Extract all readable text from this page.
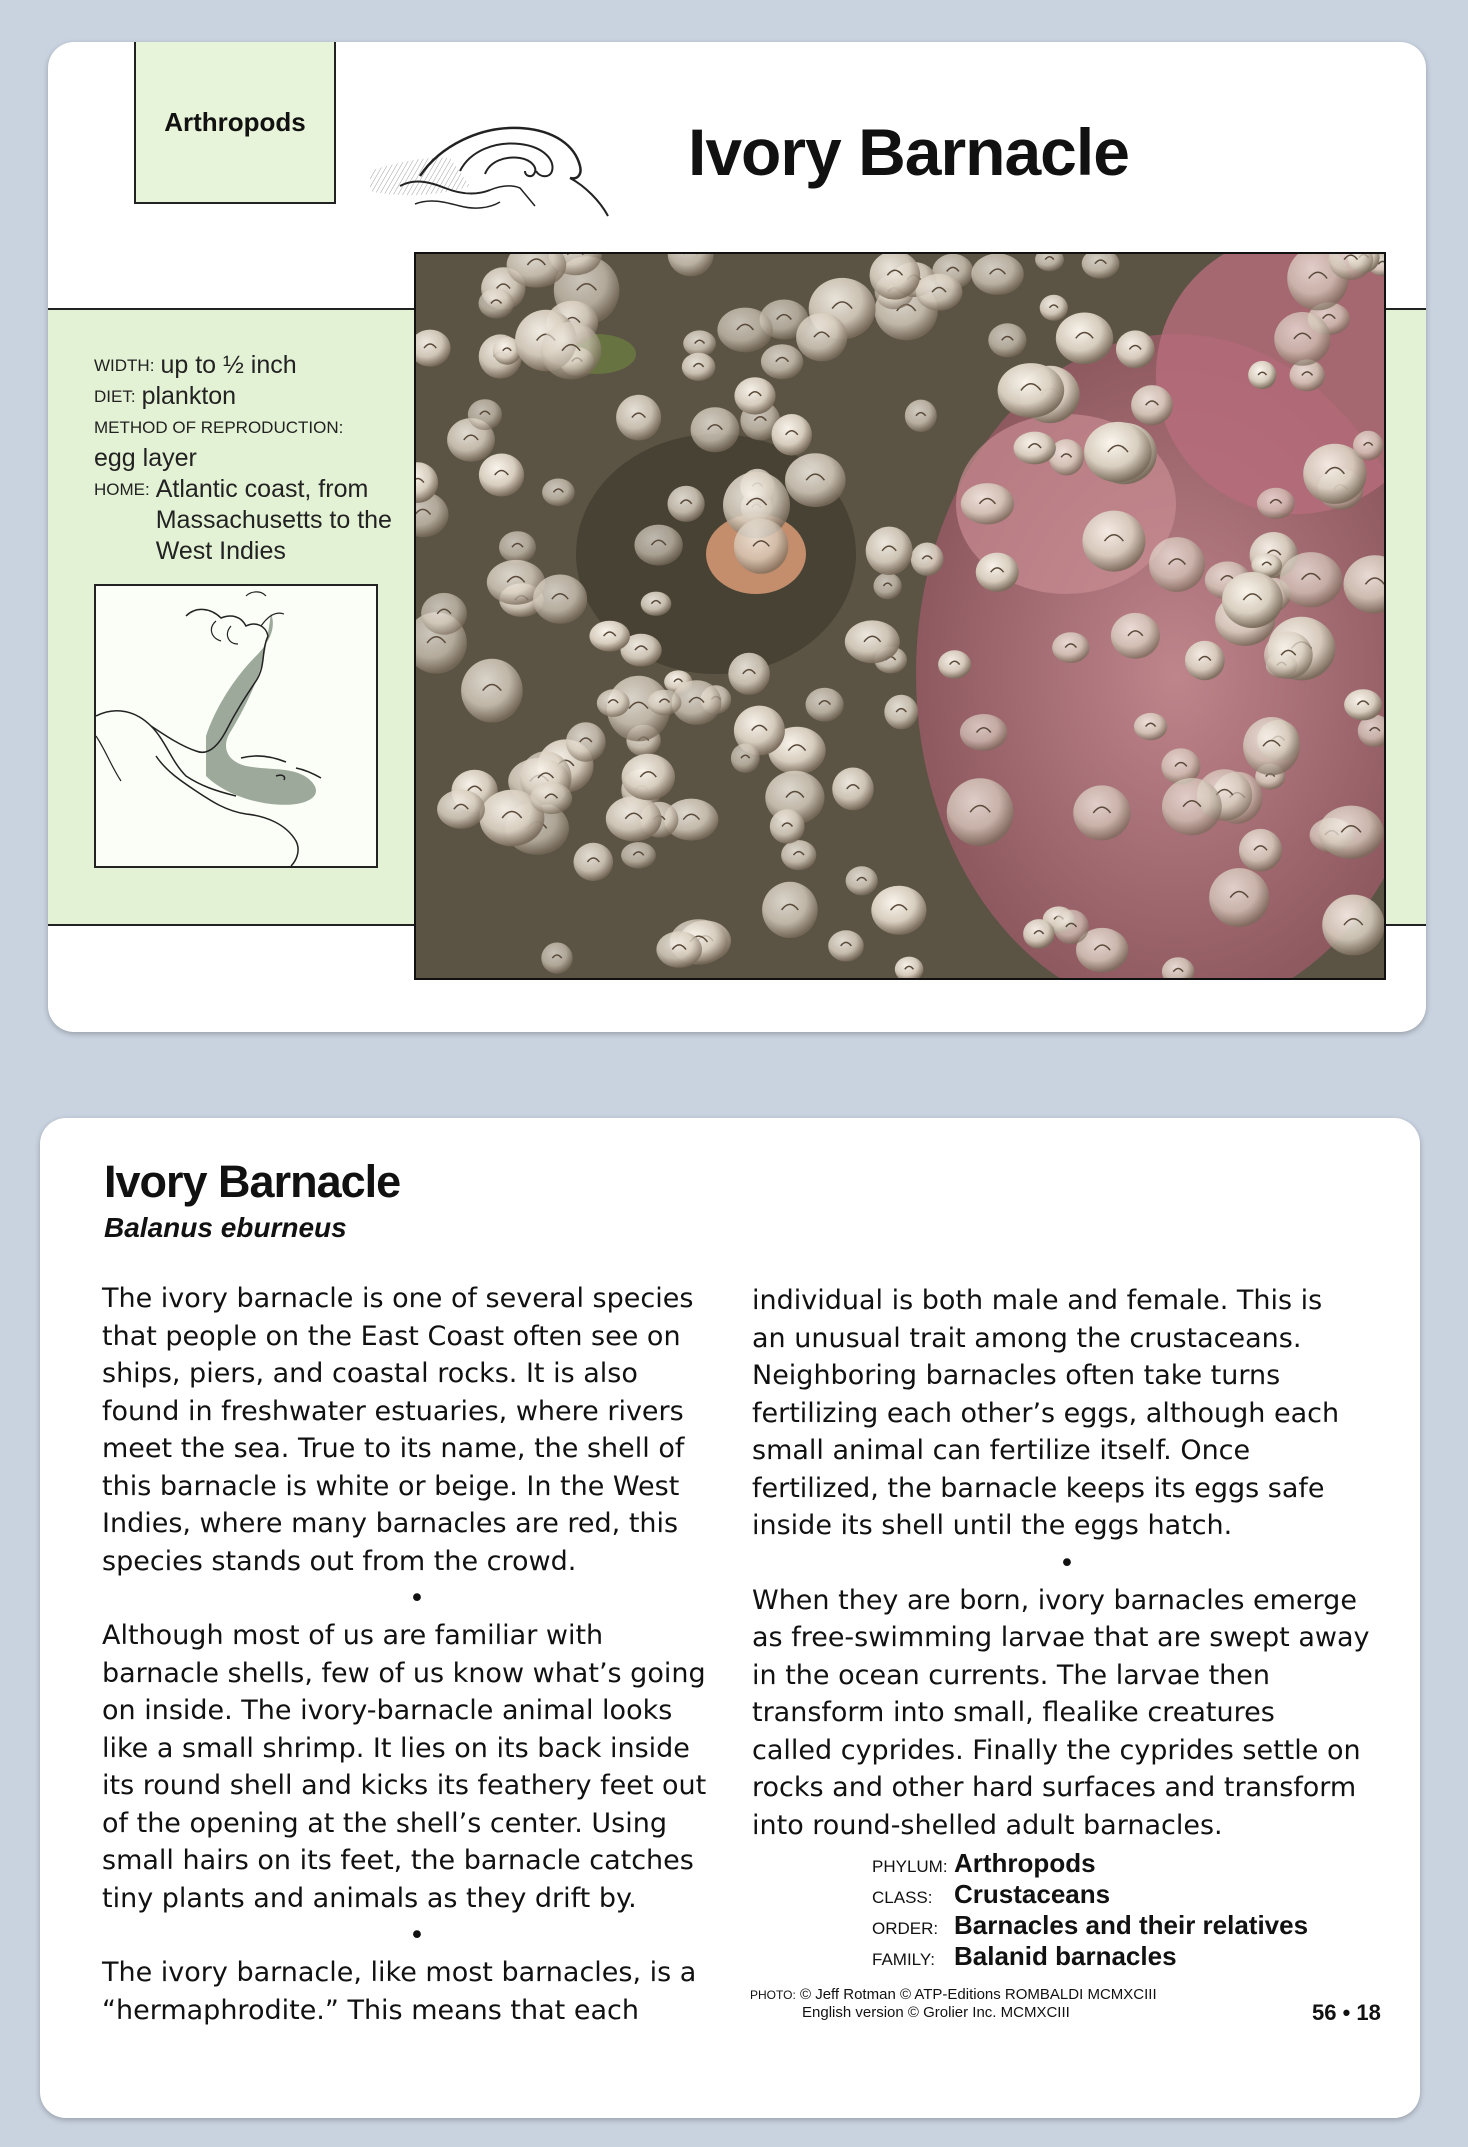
Arthropods	Ivory Barnacle
WIDTH: up to ½ inch
DIET: plankton
METHOD OF REPRODUCTION:
egg layer
HOME: Atlantic coast, from Massachusetts to the West Indies
Ivory Barnacle
Balanus eburneus

The ivory barnacle is one of several species
that people on the East Coast often see on
ships, piers, and coastal rocks. It is also
found in freshwater estuaries, where rivers
meet the sea. True to its name, the shell of
this barnacle is white or beige. In the West
Indies, where many barnacles are red, this
species stands out from the crowd.

•

Although most of us are familiar with
barnacle shells, few of us know what’s going
on inside. The ivory-barnacle animal looks
like a small shrimp. It lies on its back inside
its round shell and kicks its feathery feet out
of the opening at the shell’s center. Using
small hairs on its feet, the barnacle catches
tiny plants and animals as they drift by.

•

The ivory barnacle, like most barnacles, is a
“hermaphrodite.” This means that each

individual is both male and female. This is
an unusual trait among the crustaceans.
Neighboring barnacles often take turns
fertilizing each other’s eggs, although each
small animal can fertilize itself. Once
fertilized, the barnacle keeps its eggs safe
inside its shell until the eggs hatch.

•

When they are born, ivory barnacles emerge
as free-swimming larvae that are swept away
in the ocean currents. The larvae then
transform into small, flealike creatures
called cyprides. Finally the cyprides settle on
rocks and other hard surfaces and transform
into round-shelled adult barnacles.

PHYLUM: Arthropods
CLASS: Crustaceans
ORDER: Barnacles and their relatives
FAMILY: Balanid barnacles
PHOTO: © Jeff Rotman © ATP-Editions ROMBALDI MCMXCIII
English version © Grolier Inc. MCMXCIII	56 • 18
